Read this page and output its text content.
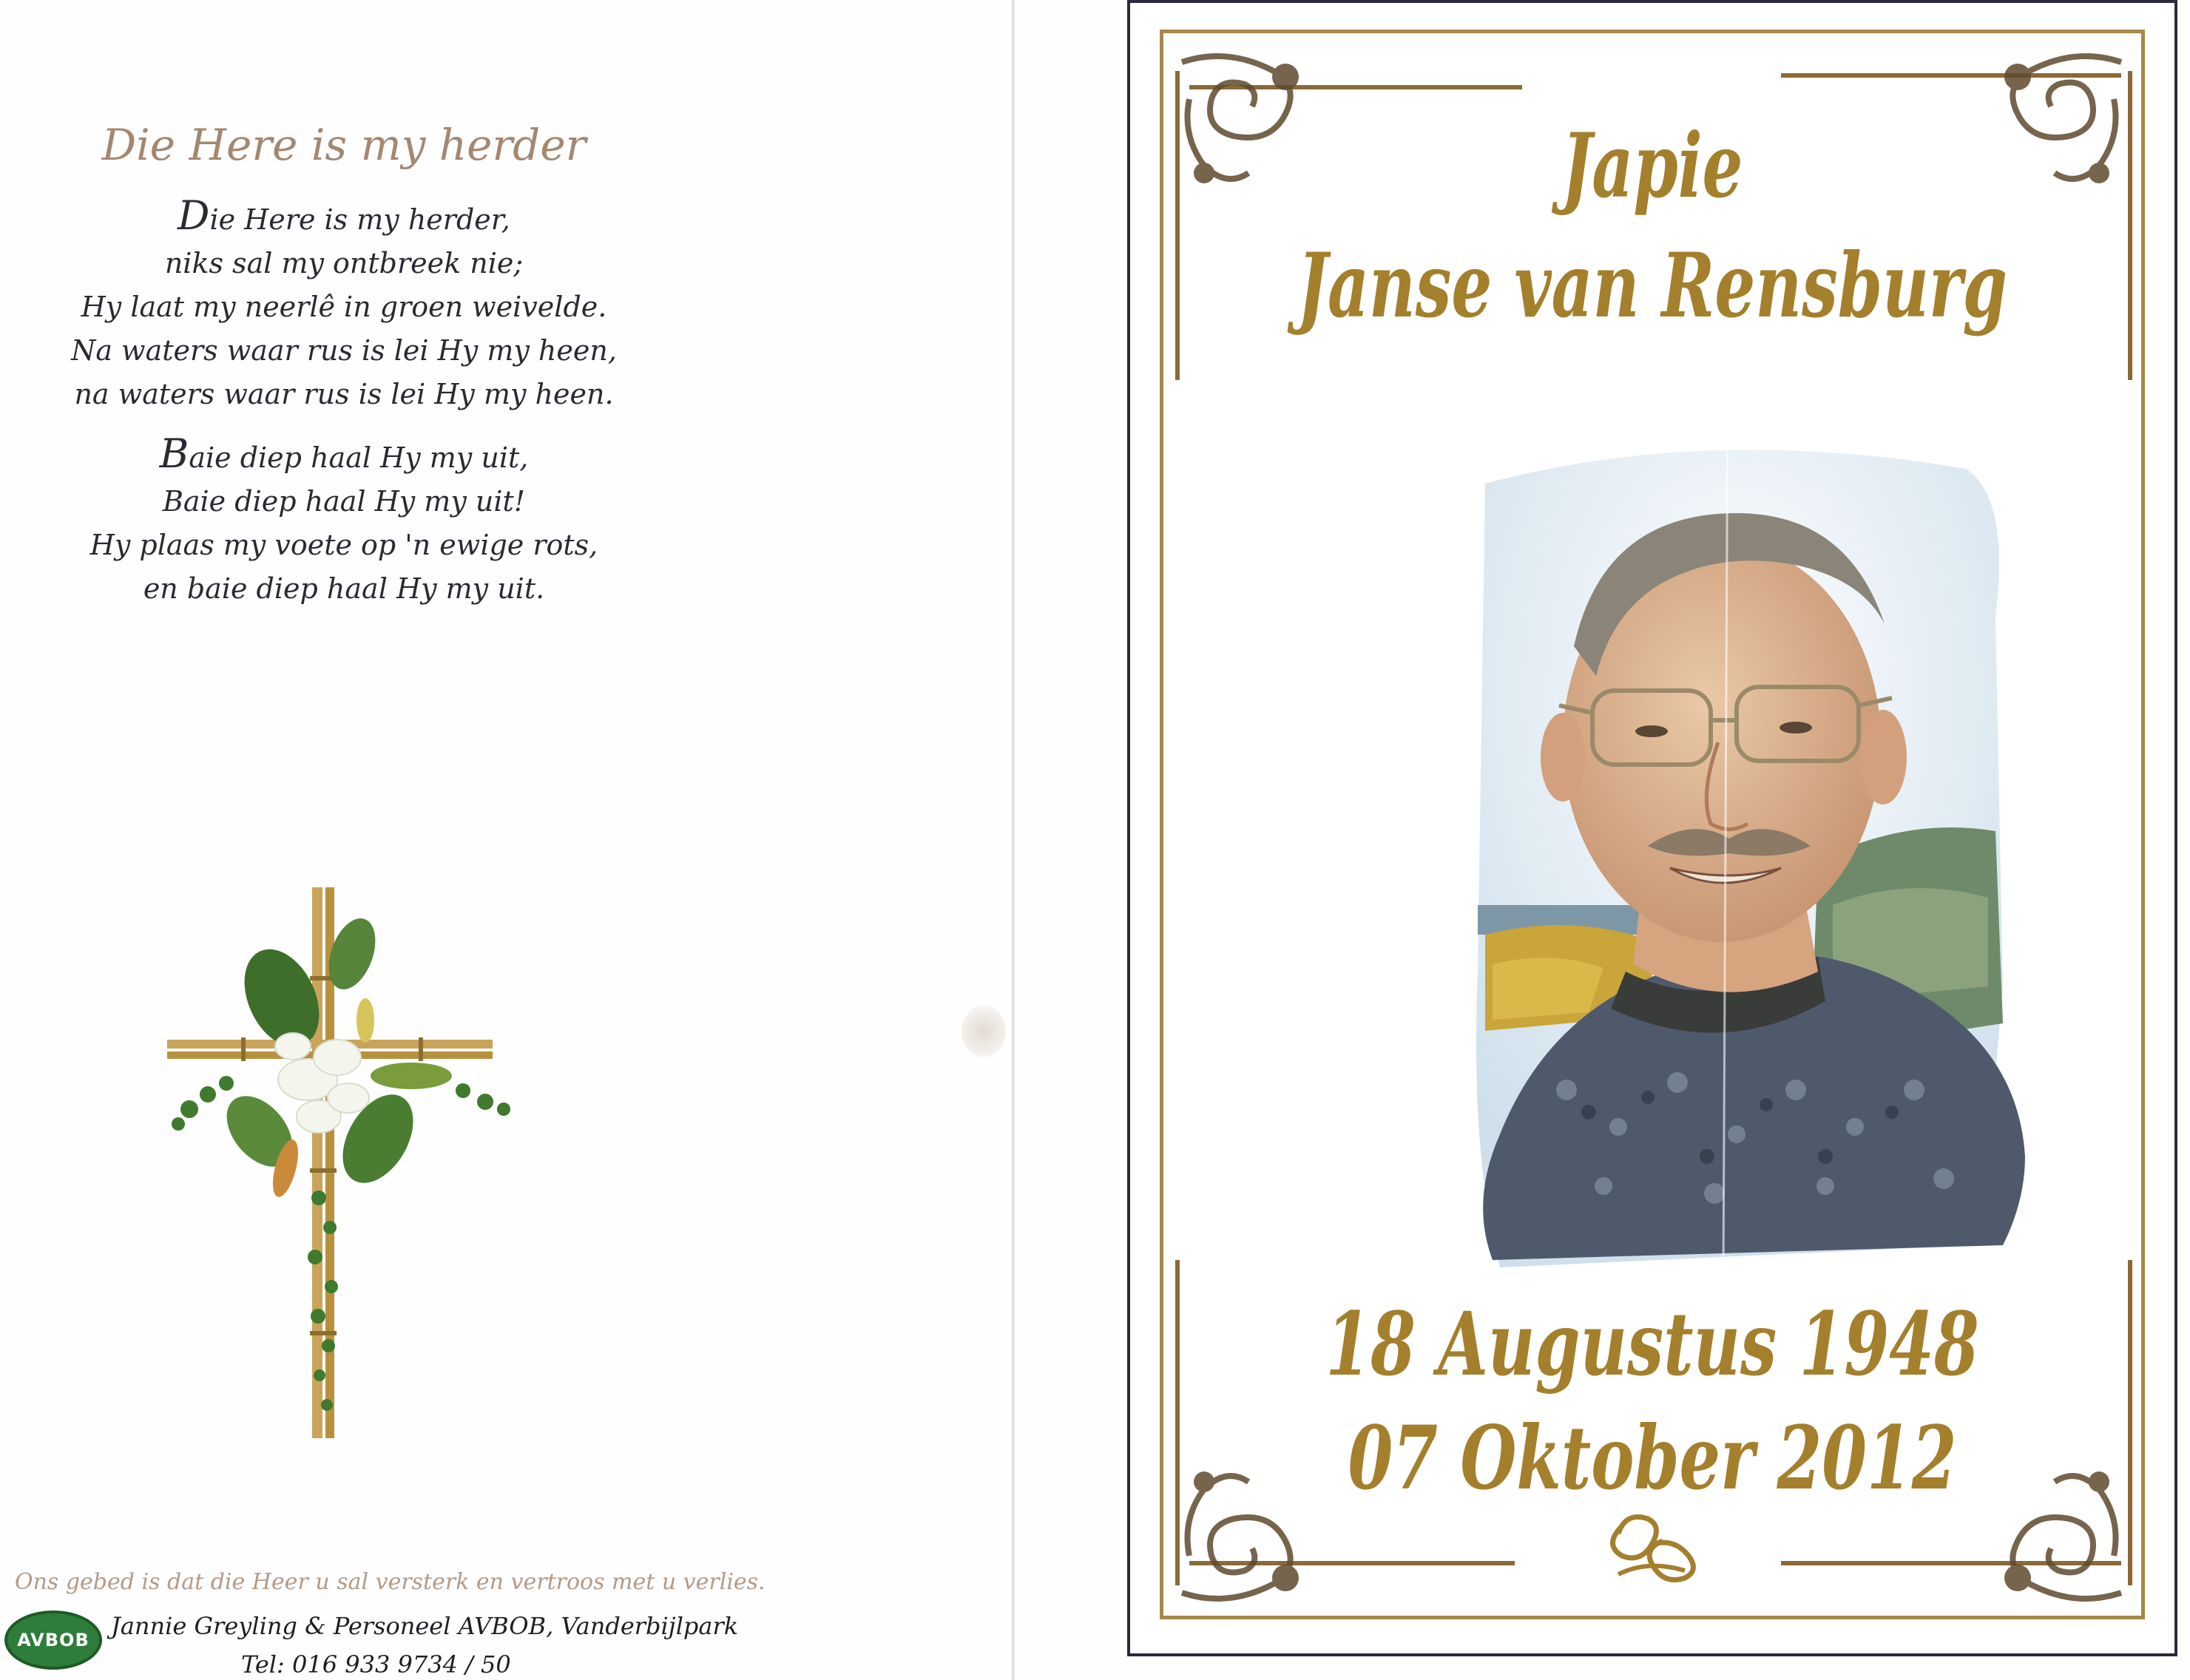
Die Here is my herder
Die Here is my herder,
niks sal my ontbreek nie;
Hy laat my neerlê in groen weivelde.
Na waters waar rus is lei Hy my heen,
na waters waar rus is lei Hy my heen.
Baie diep haal Hy my uit,
Baie diep haal Hy my uit!
Hy plaas my voete op 'n ewige rots,
en baie diep haal Hy my uit.
Ons gebed is dat die Heer u sal versterk en vertroos met u verlies.
AVBOB Jannie Greyling & Personeel AVBOB, Vanderbijlpark
Tel: 016 933 9734 / 50
Japie
Janse van Rensburg
18 Augustus 1948
07 Oktober 2012
